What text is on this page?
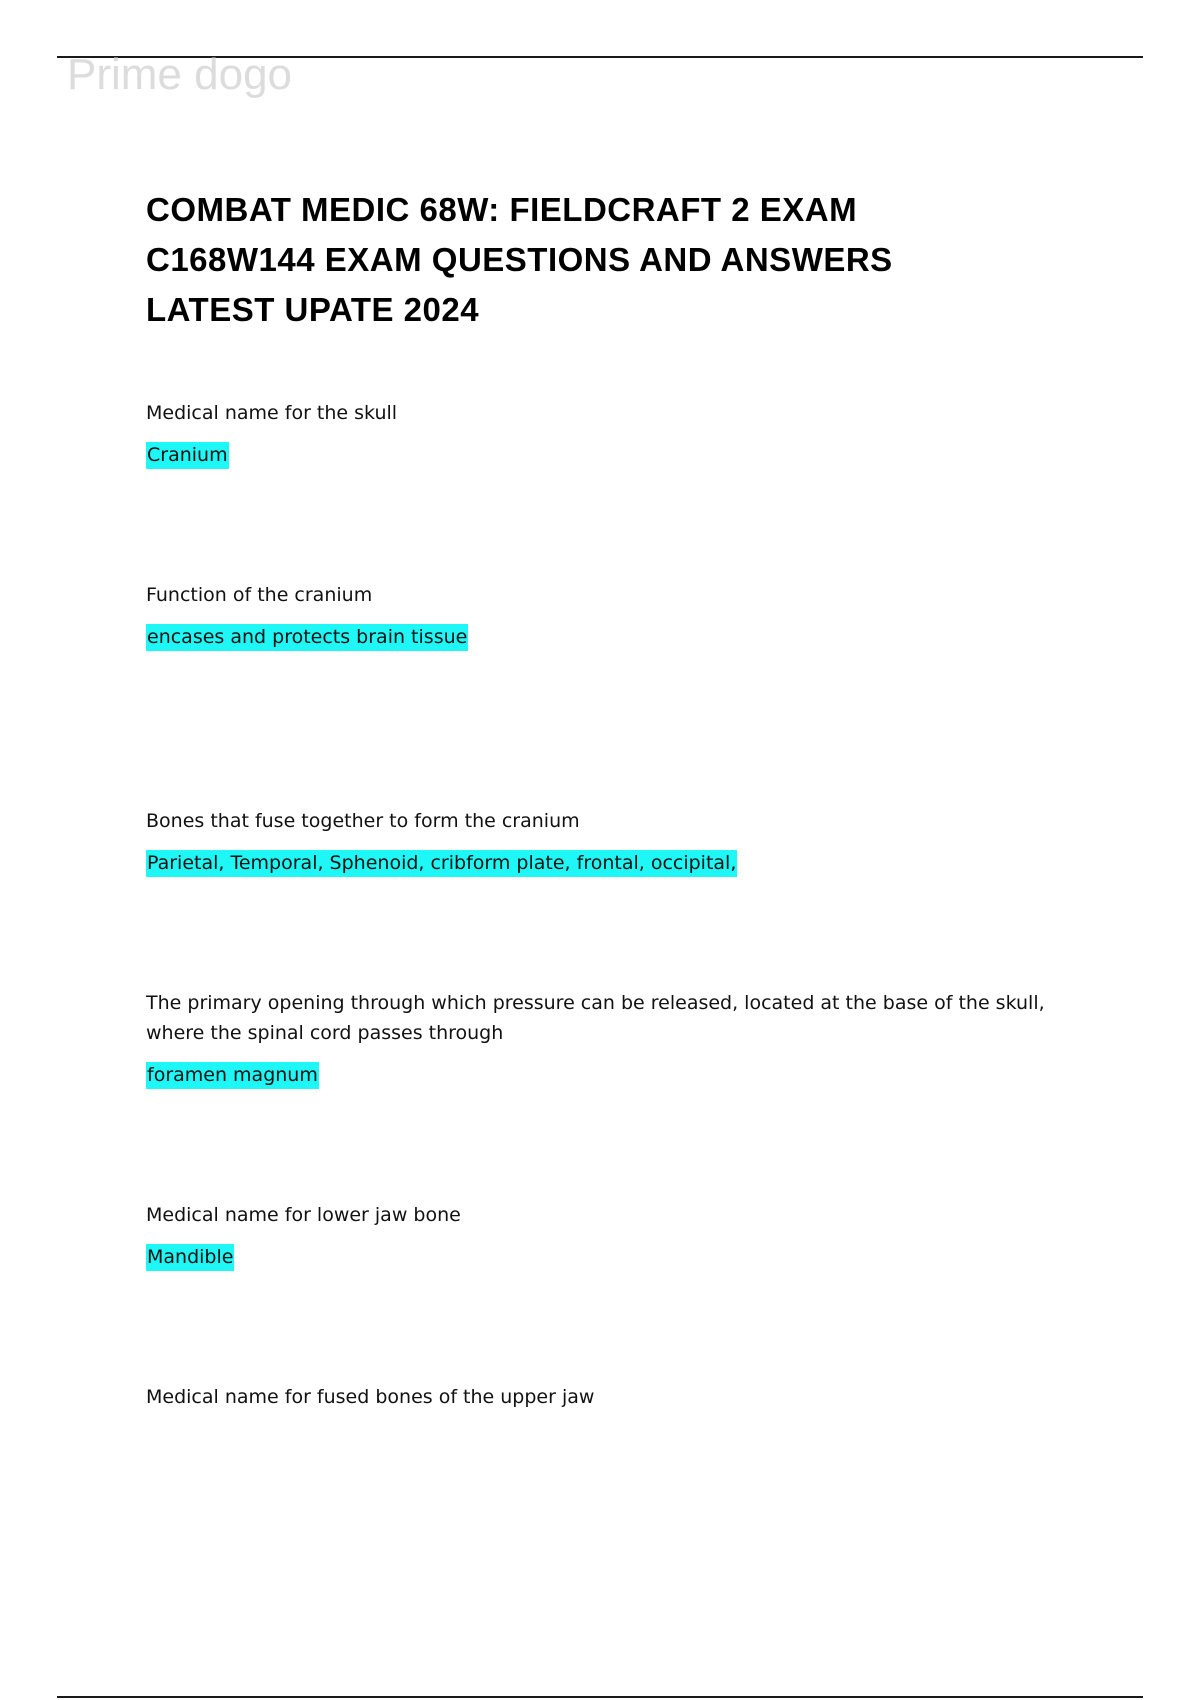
Prime dogo
COMBAT MEDIC 68W: FIELDCRAFT 2 EXAM
C168W144 EXAM QUESTIONS AND ANSWERS
LATEST UPATE 2024

Medical name for the skull

Cranium

Function of the cranium

encases and protects brain tissue

Bones that fuse together to form the cranium

Parietal, Temporal, Sphenoid, cribform plate, frontal, occipital,

The primary opening through which pressure can be released, located at the base of the skull, where the spinal cord passes through

foramen magnum

Medical name for lower jaw bone

Mandible

Medical name for fused bones of the upper jaw
